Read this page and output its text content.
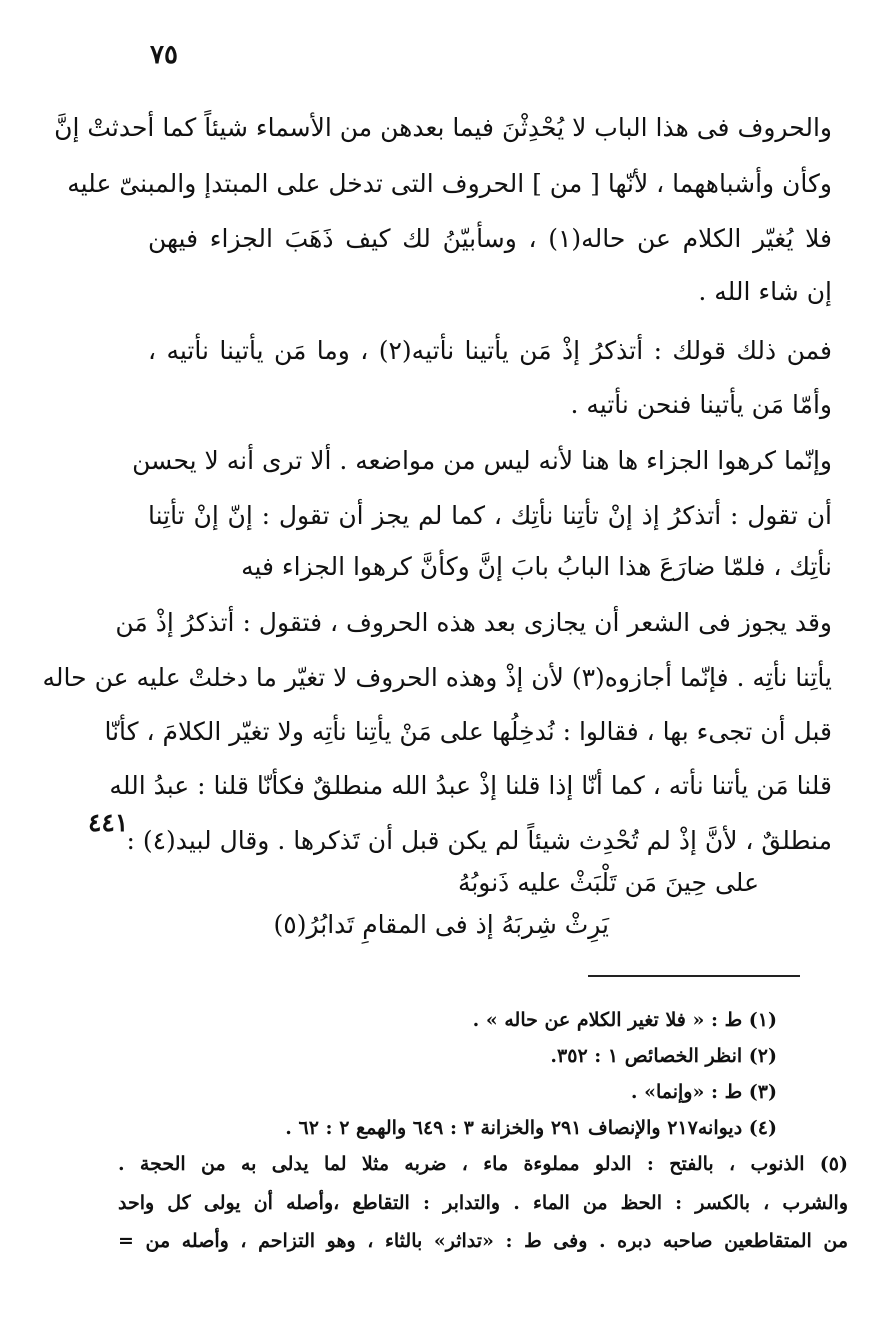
٧٥
والحروف فى هذا الباب لا يُحْدِثْنَ فيما بعدهن من الأسماء شيئاً كما أحدثتْ إنَّ
وكأن وأشباههما ، لأنّها [ من ] الحروف التى تدخل على المبتدإ والمبنىّ عليه
فلا يُغيّر الكلام عن حاله(١) ، وسأبيّنُ لك كيف ذَهَبَ الجزاء فيهن
إن شاء الله .
فمن ذلك قولك : أتذكرُ إذْ مَن يأتينا نأتيه(٢) ، وما مَن يأتينا نأتيه ،
وأمّا مَن يأتينا فنحن نأتيه .
وإنّما كرهوا الجزاء ها هنا لأنه ليس من مواضعه . ألا ترى أنه لا يحسن
أن تقول : أتذكرُ إذ إنْ تأتِنا نأتِك ، كما لم يجز أن تقول : إنّ إنْ تأتِنا
نأتِك ، فلمّا ضارَعَ هذا البابُ بابَ إنَّ وكأنَّ كرهوا الجزاء فيه
وقد يجوز فى الشعر أن يجازى بعد هذه الحروف ، فتقول : أتذكرُ إذْ مَن
يأتِنا نأتِه . فإنّما أجازوه(٣) لأن إذْ وهذه الحروف لا تغيّر ما دخلتْ عليه عن حاله
قبل أن تجىء بها ، فقالوا : نُدخِلُها على مَنْ يأتِنا نأتِه ولا تغيّر الكلامَ ، كأنّا
قلنا مَن يأتنا نأته ، كما أنّا إذا قلنا إذْ عبدُ الله منطلقٌ فكأنّا قلنا : عبدُ الله
منطلقٌ ، لأنَّ إذْ لم تُحْدِث شيئاً لم يكن قبل أن تَذكرها . وقال لبيد(٤) :
٤٤١
على حِينَ مَن تَلْبَثْ عليه ذَنوبُهُ
يَرِثْ شِربَهُ إذ فى المقامِ تَدابُرُ(٥)
(١) ط : « فلا تغير الكلام عن حاله » .
(٢) انظر الخصائص ١ : ٣٥٢.
(٣) ط : «وإنما» .
(٤) ديوانه٢١٧ والإنصاف ٢٩١ والخزانة ٣ : ٦٤٩ والهمع ٢ : ٦٢ .
(٥) الذنوب ، بالفتح : الدلو مملوءة ماء ، ضربه مثلا لما يدلى به من الحجة .
والشرب ، بالكسر : الحظ من الماء . والتدابر : التقاطع ،وأصله أن يولى كل واحد
من المتقاطعين صاحبه دبره . وفى ط : «تداثر» بالثاء ، وهو التزاحم ، وأصله من =
